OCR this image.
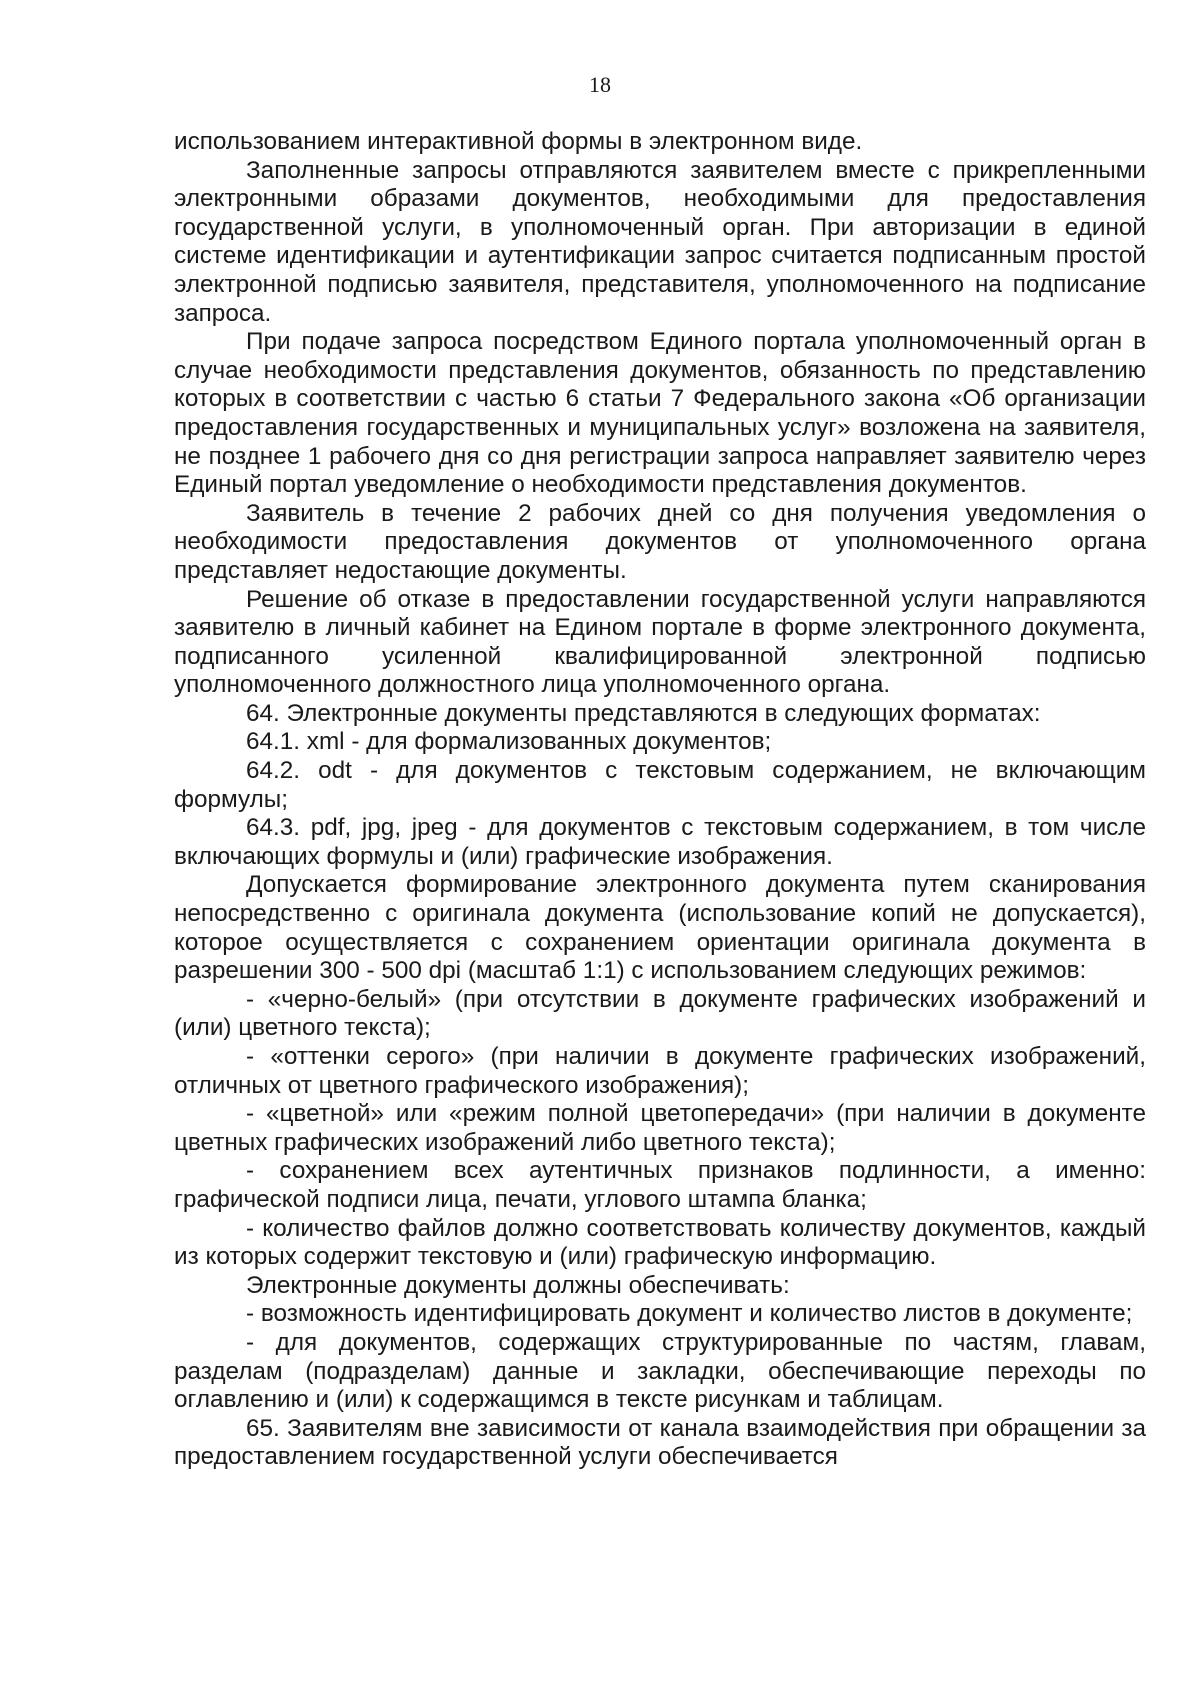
18

использованием интерактивной формы в электронном виде.

Заполненные запросы отправляются заявителем вместе с прикрепленными электронными образами документов, необходимыми для предоставления государственной услуги, в уполномоченный орган. При авторизации в единой системе идентификации и аутентификации запрос считается подписанным простой электронной подписью заявителя, представителя, уполномоченного на подписание запроса.

При подаче запроса посредством Единого портала уполномоченный орган в случае необходимости представления документов, обязанность по представлению которых в соответствии с частью 6 статьи 7 Федерального закона «Об организации предоставления государственных и муниципальных услуг» возложена на заявителя, не позднее 1 рабочего дня со дня регистрации запроса направляет заявителю через Единый портал уведомление о необходимости представления документов.

Заявитель в течение 2 рабочих дней со дня получения уведомления о необходимости предоставления документов от уполномоченного органа представляет недостающие документы.

Решение об отказе в предоставлении государственной услуги направляются заявителю в личный кабинет на Едином портале в форме электронного документа, подписанного усиленной квалифицированной электронной подписью уполномоченного должностного лица уполномоченного органа.

64. Электронные документы представляются в следующих форматах:

64.1. xml - для формализованных документов;

64.2. odt - для документов с текстовым содержанием, не включающим формулы;

64.3. pdf, jpg, jpeg - для документов с текстовым содержанием, в том числе включающих формулы и (или) графические изображения.

Допускается формирование электронного документа путем сканирования непосредственно с оригинала документа (использование копий не допускается), которое осуществляется с сохранением ориентации оригинала документа в разрешении 300 - 500 dpi (масштаб 1:1) с использованием следующих режимов:

- «черно-белый» (при отсутствии в документе графических изображений и (или) цветного текста);

- «оттенки серого» (при наличии в документе графических изображений, отличных от цветного графического изображения);

- «цветной» или «режим полной цветопередачи» (при наличии в документе цветных графических изображений либо цветного текста);

- сохранением всех аутентичных признаков подлинности, а именно: графической подписи лица, печати, углового штампа бланка;

- количество файлов должно соответствовать количеству документов, каждый из которых содержит текстовую и (или) графическую информацию.

Электронные документы должны обеспечивать:

- возможность идентифицировать документ и количество листов в документе;

- для документов, содержащих структурированные по частям, главам, разделам (подразделам) данные и закладки, обеспечивающие переходы по оглавлению и (или) к содержащимся в тексте рисункам и таблицам.

65. Заявителям вне зависимости от канала взаимодействия при обращении за предоставлением государственной услуги обеспечивается
